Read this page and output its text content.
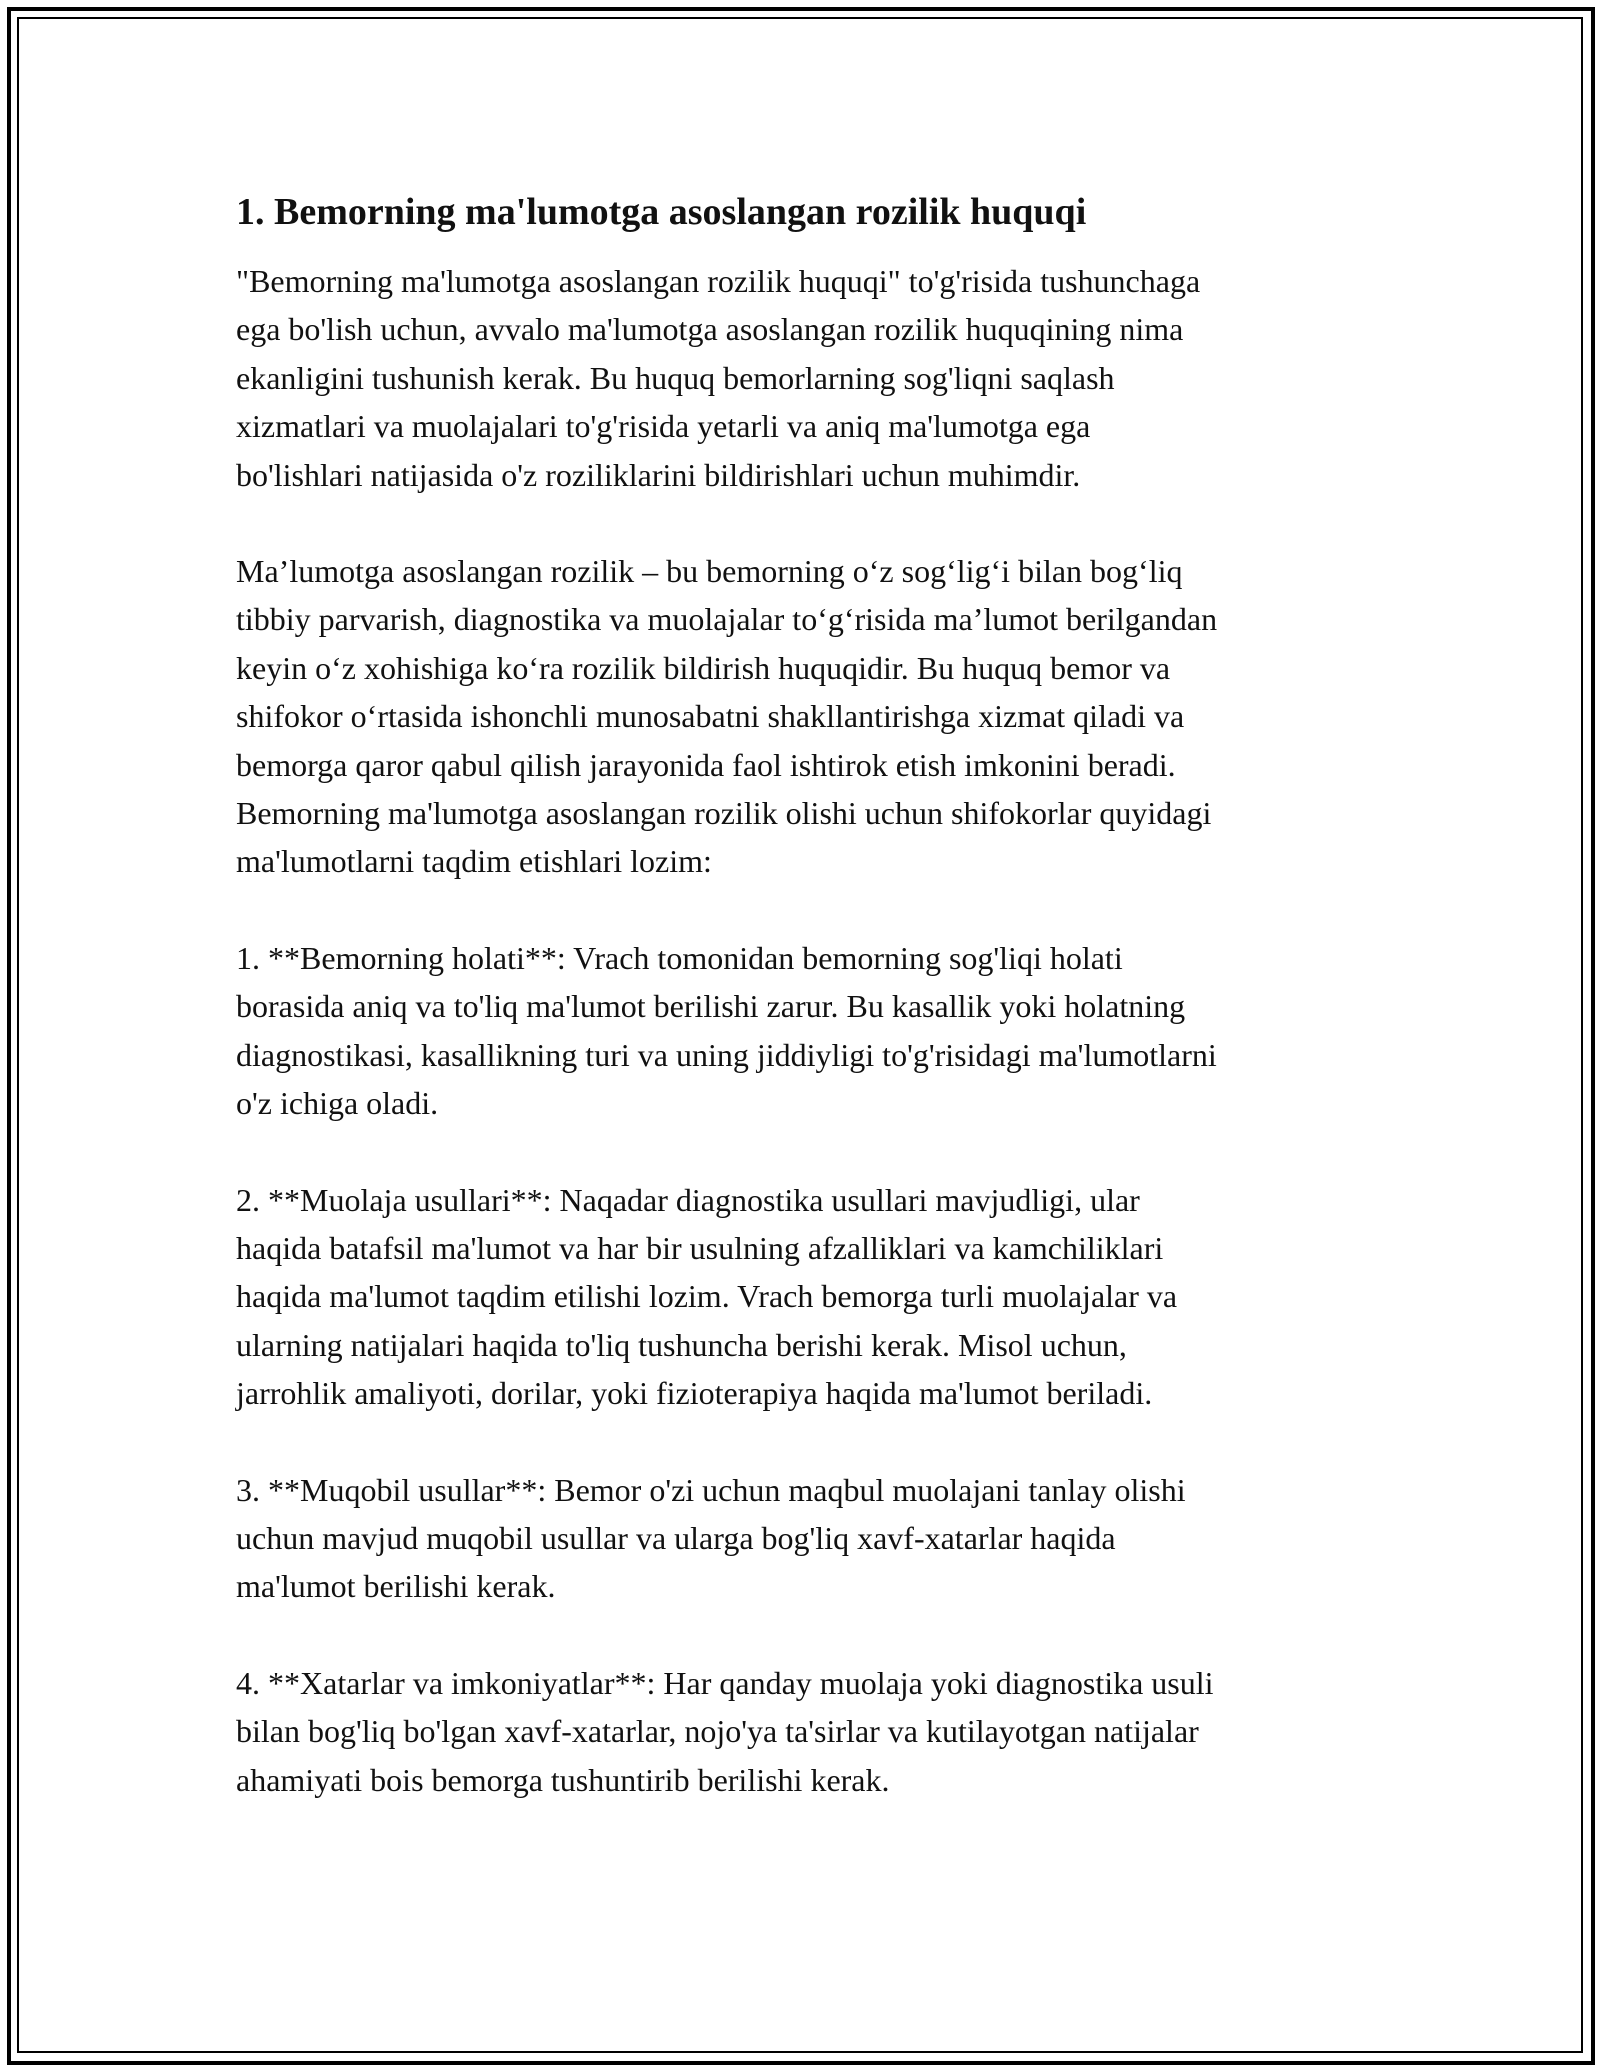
1. Bemorning ma'lumotga asoslangan rozilik huquqi

"Bemorning ma'lumotga asoslangan rozilik huquqi" to'g'risida tushunchaga
ega bo'lish uchun, avvalo ma'lumotga asoslangan rozilik huquqining nima
ekanligini tushunish kerak. Bu huquq bemorlarning sog'liqni saqlash
xizmatlari va muolajalari to'g'risida yetarli va aniq ma'lumotga ega
bo'lishlari natijasida o'z roziliklarini bildirishlari uchun muhimdir.

Ma’lumotga asoslangan rozilik – bu bemorning o‘z sog‘lig‘i bilan bog‘liq
tibbiy parvarish, diagnostika va muolajalar to‘g‘risida ma’lumot berilgandan
keyin o‘z xohishiga ko‘ra rozilik bildirish huquqidir. Bu huquq bemor va
shifokor o‘rtasida ishonchli munosabatni shakllantirishga xizmat qiladi va
bemorga qaror qabul qilish jarayonida faol ishtirok etish imkonini beradi.
Bemorning ma'lumotga asoslangan rozilik olishi uchun shifokorlar quyidagi
ma'lumotlarni taqdim etishlari lozim:

1. **Bemorning holati**: Vrach tomonidan bemorning sog'liqi holati
borasida aniq va to'liq ma'lumot berilishi zarur. Bu kasallik yoki holatning
diagnostikasi, kasallikning turi va uning jiddiyligi to'g'risidagi ma'lumotlarni
o'z ichiga oladi.

2. **Muolaja usullari**: Naqadar diagnostika usullari mavjudligi, ular
haqida batafsil ma'lumot va har bir usulning afzalliklari va kamchiliklari
haqida ma'lumot taqdim etilishi lozim. Vrach bemorga turli muolajalar va
ularning natijalari haqida to'liq tushuncha berishi kerak. Misol uchun,
jarrohlik amaliyoti, dorilar, yoki fizioterapiya haqida ma'lumot beriladi.

3. **Muqobil usullar**: Bemor o'zi uchun maqbul muolajani tanlay olishi
uchun mavjud muqobil usullar va ularga bog'liq xavf-xatarlar haqida
ma'lumot berilishi kerak.

4. **Xatarlar va imkoniyatlar**: Har qanday muolaja yoki diagnostika usuli
bilan bog'liq bo'lgan xavf-xatarlar, nojo'ya ta'sirlar va kutilayotgan natijalar
ahamiyati bois bemorga tushuntirib berilishi kerak.
